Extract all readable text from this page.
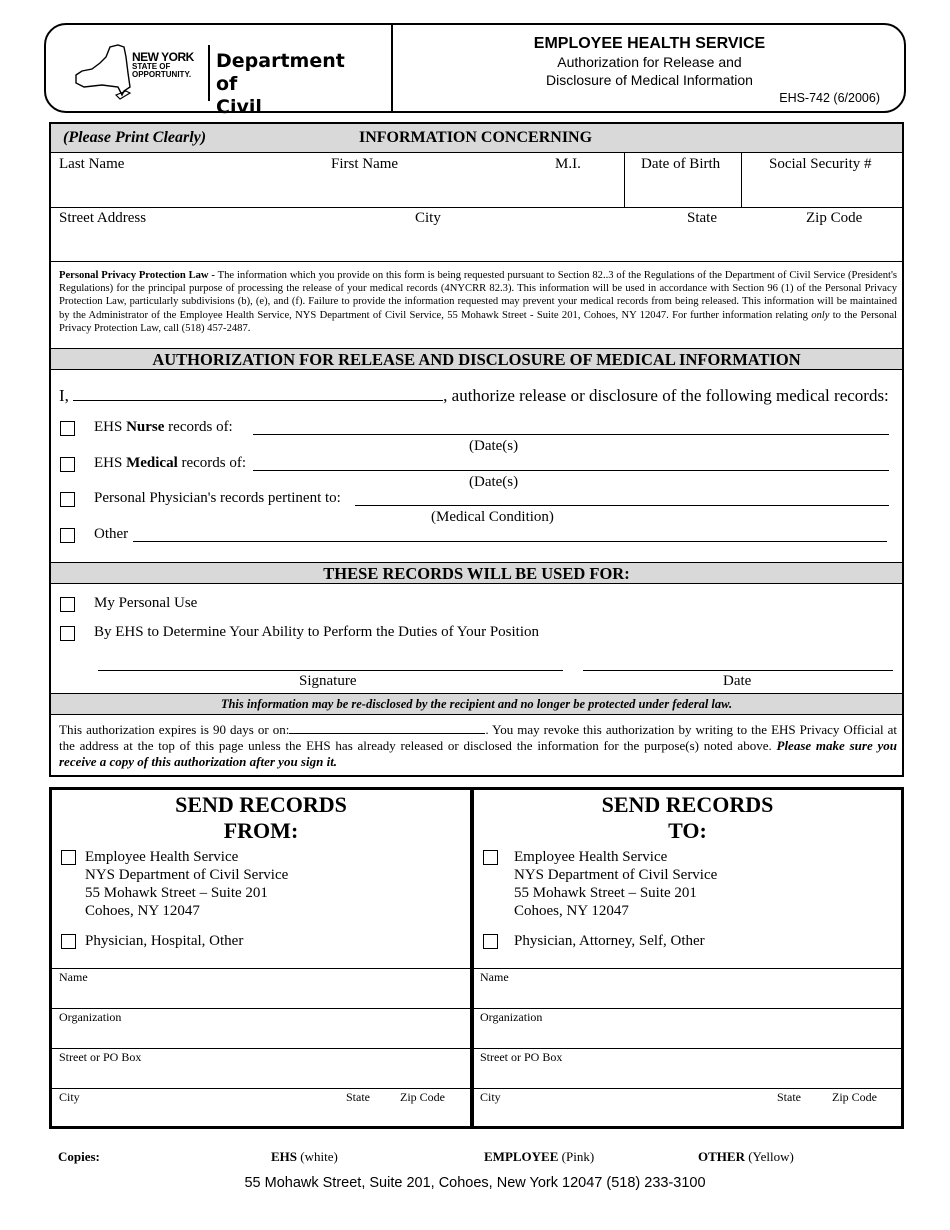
NEW YORK
STATE OF
OPPORTUNITY.
Department of
Civil
EMPLOYEE HEALTH SERVICE
Authorization for Release and
Disclosure of Medical Information
EHS-742 (6/2006)
(Please Print Clearly)	INFORMATION CONCERNING
Last Name	First Name	M.I.	Date of Birth	Social Security #
Street Address	City	State	Zip Code
Personal Privacy Protection Law - The information which you provide on this form is being requested pursuant to Section 82..3 of the Regulations of the Department of Civil Service (President's Regulations) for the principal purpose of processing the release of your medical records (4NYCRR 82.3). This information will be used in accordance with Section 96 (1) of the Personal Privacy Protection Law, particularly subdivisions (b), (e), and (f). Failure to provide the information requested may prevent your medical records from being released. This information will be maintained by the Administrator of the Employee Health Service, NYS Department of Civil Service, 55 Mohawk Street - Suite 201, Cohoes, NY 12047. For further information relating only to the Personal Privacy Protection Law, call (518) 457-2487.
AUTHORIZATION FOR RELEASE AND DISCLOSURE OF MEDICAL INFORMATION
I,	, authorize release or disclosure of the following medical records:
EHS Nurse records of:
(Date(s)
EHS Medical records of:
(Date(s)
Personal Physician's records pertinent to:
(Medical Condition)
Other
THESE RECORDS WILL BE USED FOR:
My Personal Use
By EHS to Determine Your Ability to Perform the Duties of Your Position
Signature	Date
This information may be re-disclosed by the recipient and no longer be protected under federal law.
This authorization expires is 90 days or on:	. You may revoke this authorization by writing to the EHS Privacy Official at the address at the top of this page unless the EHS has already released or disclosed the information for the purpose(s) noted above. Please make sure you receive a copy of this authorization after you sign it.
SEND RECORDS
FROM:
Employee Health Service
NYS Department of Civil Service
55 Mohawk Street – Suite 201
Cohoes, NY 12047
Physician, Hospital, Other
Name
Organization
Street or PO Box
City	State	Zip Code
SEND RECORDS
TO:
Employee Health Service
NYS Department of Civil Service
55 Mohawk Street – Suite 201
Cohoes, NY 12047
Physician, Attorney, Self, Other
Name
Organization
Street or PO Box
City	State	Zip Code
Copies:	EHS (white)	EMPLOYEE (Pink)	OTHER (Yellow)
55 Mohawk Street, Suite 201, Cohoes, New York 12047 (518) 233-3100
